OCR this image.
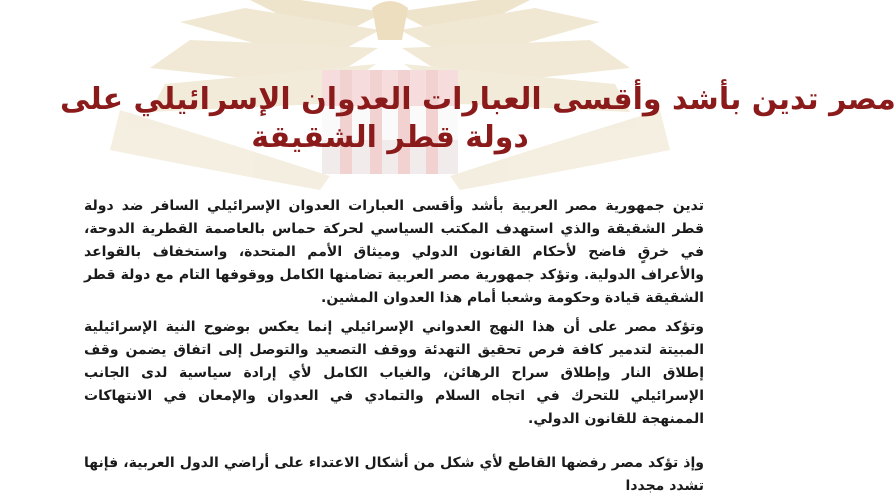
مصر تدين بأشد وأقسى العبارات العدوان الإسرائيلي على
دولة قطر الشقيقة

تدين جمهورية مصر العربية بأشد وأقسى العبارات العدوان الإسرائيلي السافر ضد دولة قطر الشقيقة والذي استهدف المكتب السياسي لحركة حماس بالعاصمة القطرية الدوحة، في خرقٍ فاضح لأحكام القانون الدولي وميثاق الأمم المتحدة، واستخفاف بالقواعد والأعراف الدولية. وتؤكد جمهورية مصر العربية تضامنها الكامل ووقوفها التام مع دولة قطر الشقيقة قيادة وحكومة وشعبا أمام هذا العدوان المشين.

وتؤكد مصر على أن هذا النهج العدواني الإسرائيلي إنما يعكس بوضوح النية الإسرائيلية المبيتة لتدمير كافة فرص تحقيق التهدئة ووقف التصعيد والتوصل إلى اتفاق يضمن وقف إطلاق النار وإطلاق سراح الرهائن، والغياب الكامل لأي إرادة سياسية لدى الجانب الإسرائيلي للتحرك في اتجاه السلام والتمادي في العدوان والإمعان في الانتهاكات الممنهجة للقانون الدولي.

وإذ تؤكد مصر رفضها القاطع لأي شكل من أشكال الاعتداء على أراضي الدول العربية، فإنها تشدد مجددا
